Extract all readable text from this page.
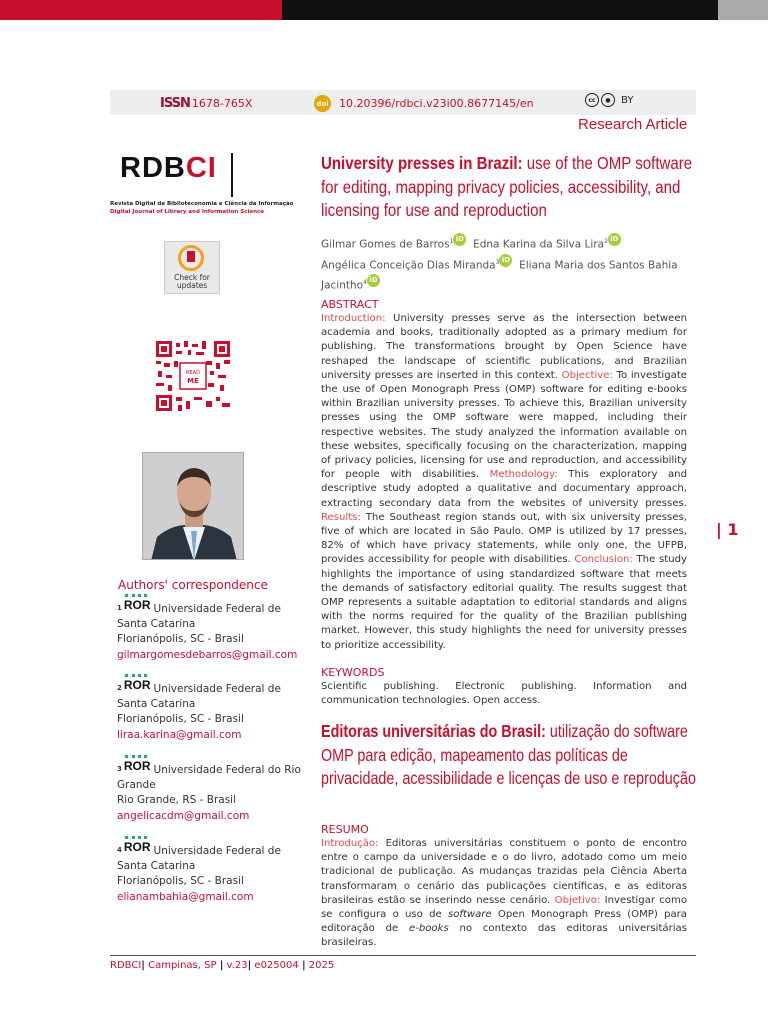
ISSN 1678-765X	doi 10.20396/rdbci.v23i00.8677145/en	cc	●	BY
Research Article
RDBCI
Revista Digital de Biblioteconomia e Ciência da Informação
Digital Journal of Library and Information Science
Check for
updates
READ
ME
Authors' correspondence
1 ROR Universidade Federal de Santa Catarina
Florianópolis, SC - Brasil
gilmargomesdebarros@gmail.com
2 ROR Universidade Federal de Santa Catarina
Florianópolis, SC - Brasil
liraa.karina@gmail.com
3 ROR Universidade Federal do Rio Grande
Rio Grande, RS - Brasil
angelicacdm@gmail.com
4 ROR Universidade Federal de Santa Catarina
Florianópolis, SC - Brasil
elianambahia@gmail.com
University presses in Brazil: use of the OMP software for editing, mapping privacy policies, accessibility, and licensing for use and reproduction
Gilmar Gomes de Barros$^1$ iD Edna Karina da Silva Lira$^2$ iD
Angélica Conceição Dias Miranda$^3$ iD Eliana Maria dos Santos Bahia Jacintho$^4$ iD
ABSTRACT
Introduction: University presses serve as the intersection between academia and books, traditionally adopted as a primary medium for publishing. The transformations brought by Open Science have reshaped the landscape of scientific publications, and Brazilian university presses are inserted in this context. Objective: To investigate the use of Open Monograph Press (OMP) software for editing e-books within Brazilian university presses. To achieve this, Brazilian university presses using the OMP software were mapped, including their respective websites. The study analyzed the information available on these websites, specifically focusing on the characterization, mapping of privacy policies, licensing for use and reproduction, and accessibility for people with disabilities. Methodology: This exploratory and descriptive study adopted a qualitative and documentary approach, extracting secondary data from the websites of university presses. Results: The Southeast region stands out, with six university presses, five of which are located in São Paulo. OMP is utilized by 17 presses, 82% of which have privacy statements, while only one, the UFPB, provides accessibility for people with disabilities. Conclusion: The study highlights the importance of using standardized software that meets the demands of satisfactory editorial quality. The results suggest that OMP represents a suitable adaptation to editorial standards and aligns with the norms required for the quality of the Brazilian publishing market. However, this study highlights the need for university presses to prioritize accessibility.
KEYWORDS
Scientific publishing. Electronic publishing. Information and communication technologies. Open access.
Editoras universitárias do Brasil: utilização do software OMP para edição, mapeamento das políticas de privacidade, acessibilidade e licenças de uso e reprodução
RESUMO
Introdução: Editoras universitárias constituem o ponto de encontro entre o campo da universidade e o do livro, adotado como um meio tradicional de publicação. As mudanças trazidas pela Ciência Aberta transformaram o cenário das publicações científicas, e as editoras brasileiras estão se inserindo nesse cenário. Objetivo: Investigar como se configura o uso de software Open Monograph Press (OMP) para editoração de e-books no contexto das editoras universitárias brasileiras.
| 1
RDBCI| Campinas, SP | v.23| e025004 | 2025
